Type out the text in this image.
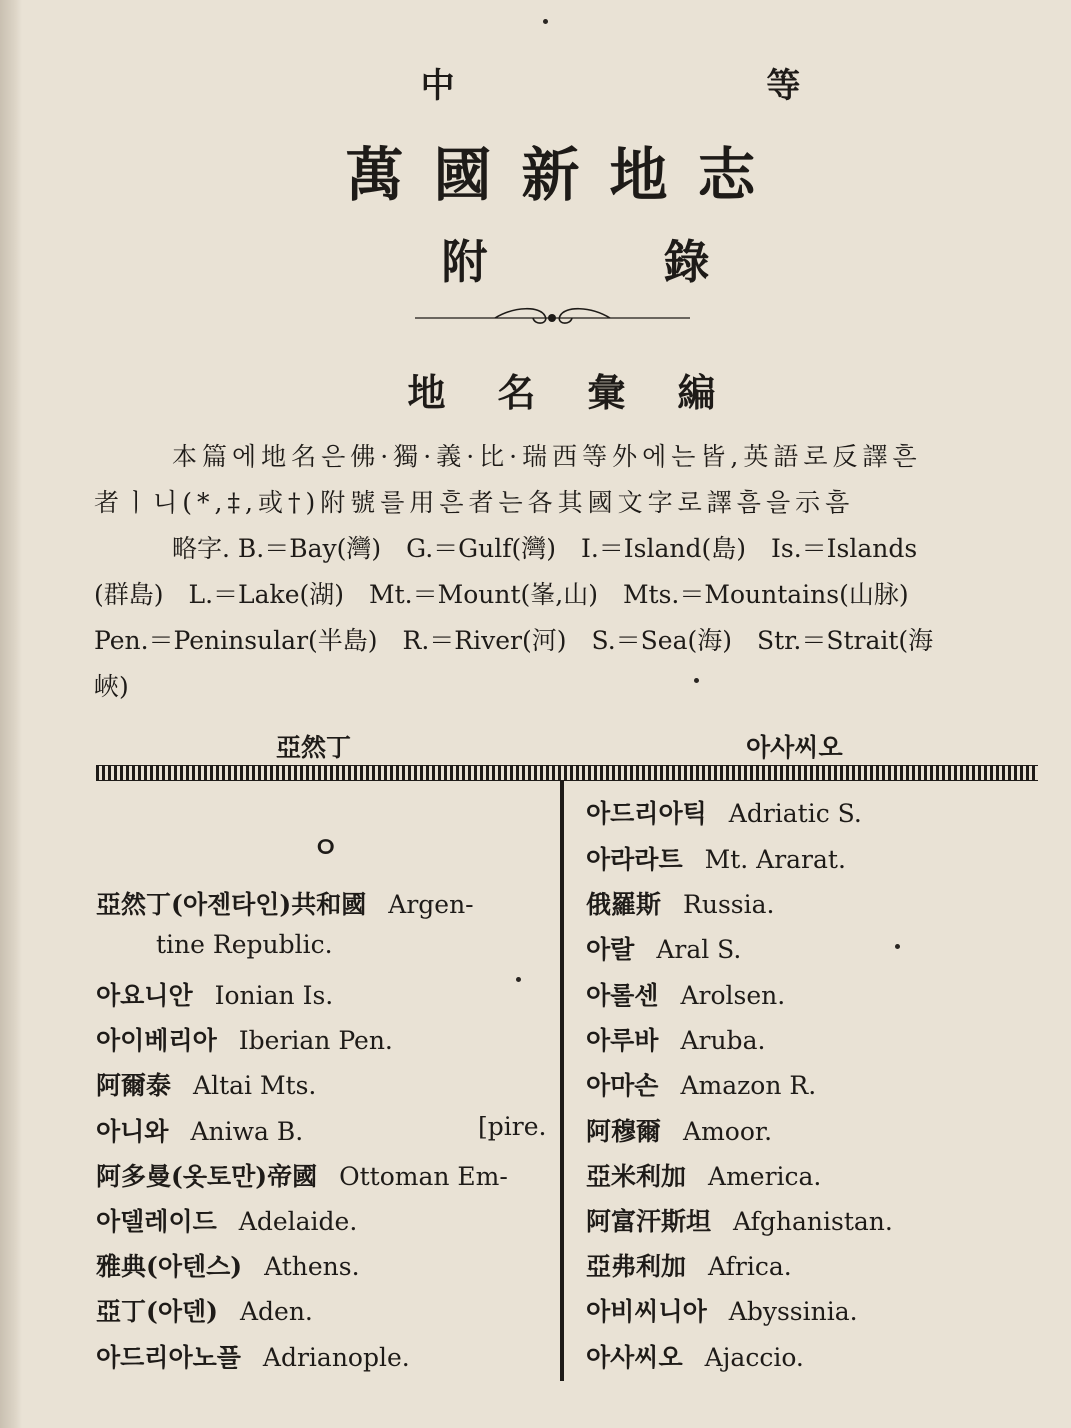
中 等
萬國新地志
附 錄
地名彙編

本篇에地名은佛·獨·義·比·瑞西等外에는皆,英語로反譯흔

者ㅣ니(*,‡,或†)附號를用흔者는各其國文字로譯흠을示흠

略字. B.＝Bay(灣)　G.＝Gulf(灣)　I.＝Island(島)　Is.＝Islands

(群島)　L.＝Lake(湖)　Mt.＝Mount(峯,山)　Mts.＝Mountains(山脉)

Pen.＝Peninsular(半島)　R.＝River(河)　S.＝Sea(海)　Str.＝Strait(海

峽)

亞然丁	아사씨오
ㅇ
亞然丁(아젠타인)共和國 Argen-
tine Republic.
아요니안 Ionian Is.
아이베리아 Iberian Pen.
阿爾泰 Altai Mts.
아니와 Aniwa B.	[pire.
阿多曼(옷토만)帝國 Ottoman Em-
아델레이드 Adelaide.
雅典(아텐스) Athens.
亞丁(아덴) Aden.
아드리아노플 Adrianople.
아드리아틱 Adriatic S.
아라라트 Mt. Ararat.
俄羅斯 Russia.
아랄 Aral S.
아롤센 Arolsen.
아루바 Aruba.
아마손 Amazon R.
阿穆爾 Amoor.
亞米利加 America.
阿富汗斯坦 Afghanistan.
亞弗利加 Africa.
아비씨니아 Abyssinia.
아사씨오 Ajaccio.
